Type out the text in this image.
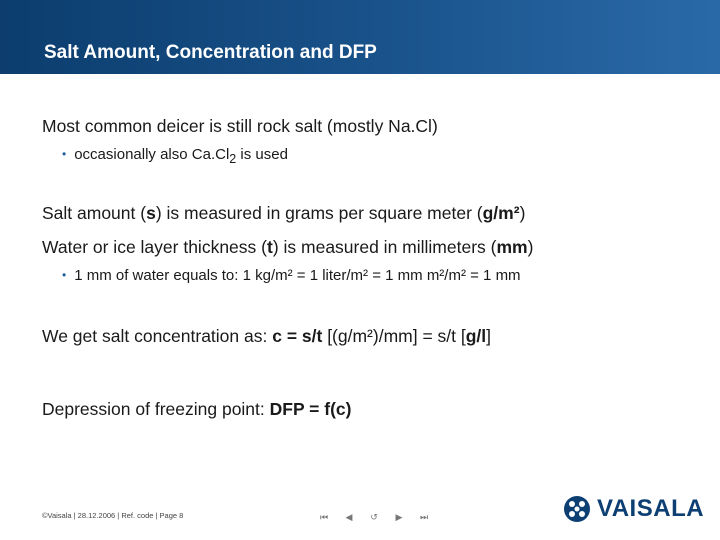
Salt Amount, Concentration and DFP
Most common deicer is still rock salt (mostly Na.Cl)
• occasionally also $Ca.Cl_2$ is used
Salt amount (s) is measured in grams per square meter (g/m²)
Water or ice layer thickness (t) is measured in millimeters (mm)
• 1 mm of water equals to: 1 kg/m² = 1 liter/m² = 1 mm m²/m² = 1 mm
We get salt concentration as: c = s/t [(g/m²)/mm] = s/t [g/l]
Depression of freezing point: DFP = f(c)
©Vaisala | 28.12.2006 | Ref. code | Page 8	⏮	◀	↺	▶	⏭	VAISALA
